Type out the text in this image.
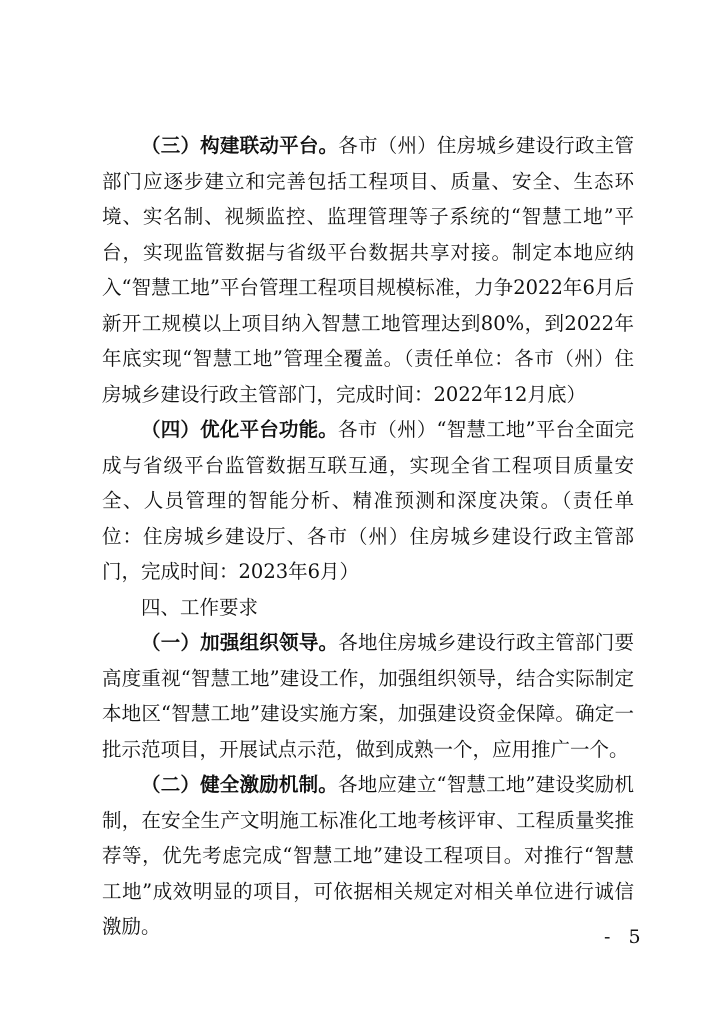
（三）构建联动平台。各市（州）住房城乡建设行政主管部门应逐步建立和完善包括工程项目、质量、安全、生态环境、实名制、视频监控、监理管理等子系统的“智慧工地”平台，实现监管数据与省级平台数据共享对接。制定本地应纳入“智慧工地”平台管理工程项目规模标准，力争2022年6月后新开工规模以上项目纳入智慧工地管理达到80%，到2022年年底实现“智慧工地”管理全覆盖。（责任单位：各市（州）住房城乡建设行政主管部门，完成时间：2022年12月底）

（四）优化平台功能。各市（州）“智慧工地”平台全面完成与省级平台监管数据互联互通，实现全省工程项目质量安全、人员管理的智能分析、精准预测和深度决策。（责任单位：住房城乡建设厅、各市（州）住房城乡建设行政主管部门，完成时间：2023年6月）

四、工作要求

（一）加强组织领导。各地住房城乡建设行政主管部门要高度重视“智慧工地”建设工作，加强组织领导，结合实际制定本地区“智慧工地”建设实施方案，加强建设资金保障。确定一批示范项目，开展试点示范，做到成熟一个，应用推广一个。

（二）健全激励机制。各地应建立“智慧工地”建设奖励机制，在安全生产文明施工标准化工地考核评审、工程质量奖推荐等，优先考虑完成“智慧工地”建设工程项目。对推行“智慧工地”成效明显的项目，可依据相关规定对相关单位进行诚信激励。	- 5
